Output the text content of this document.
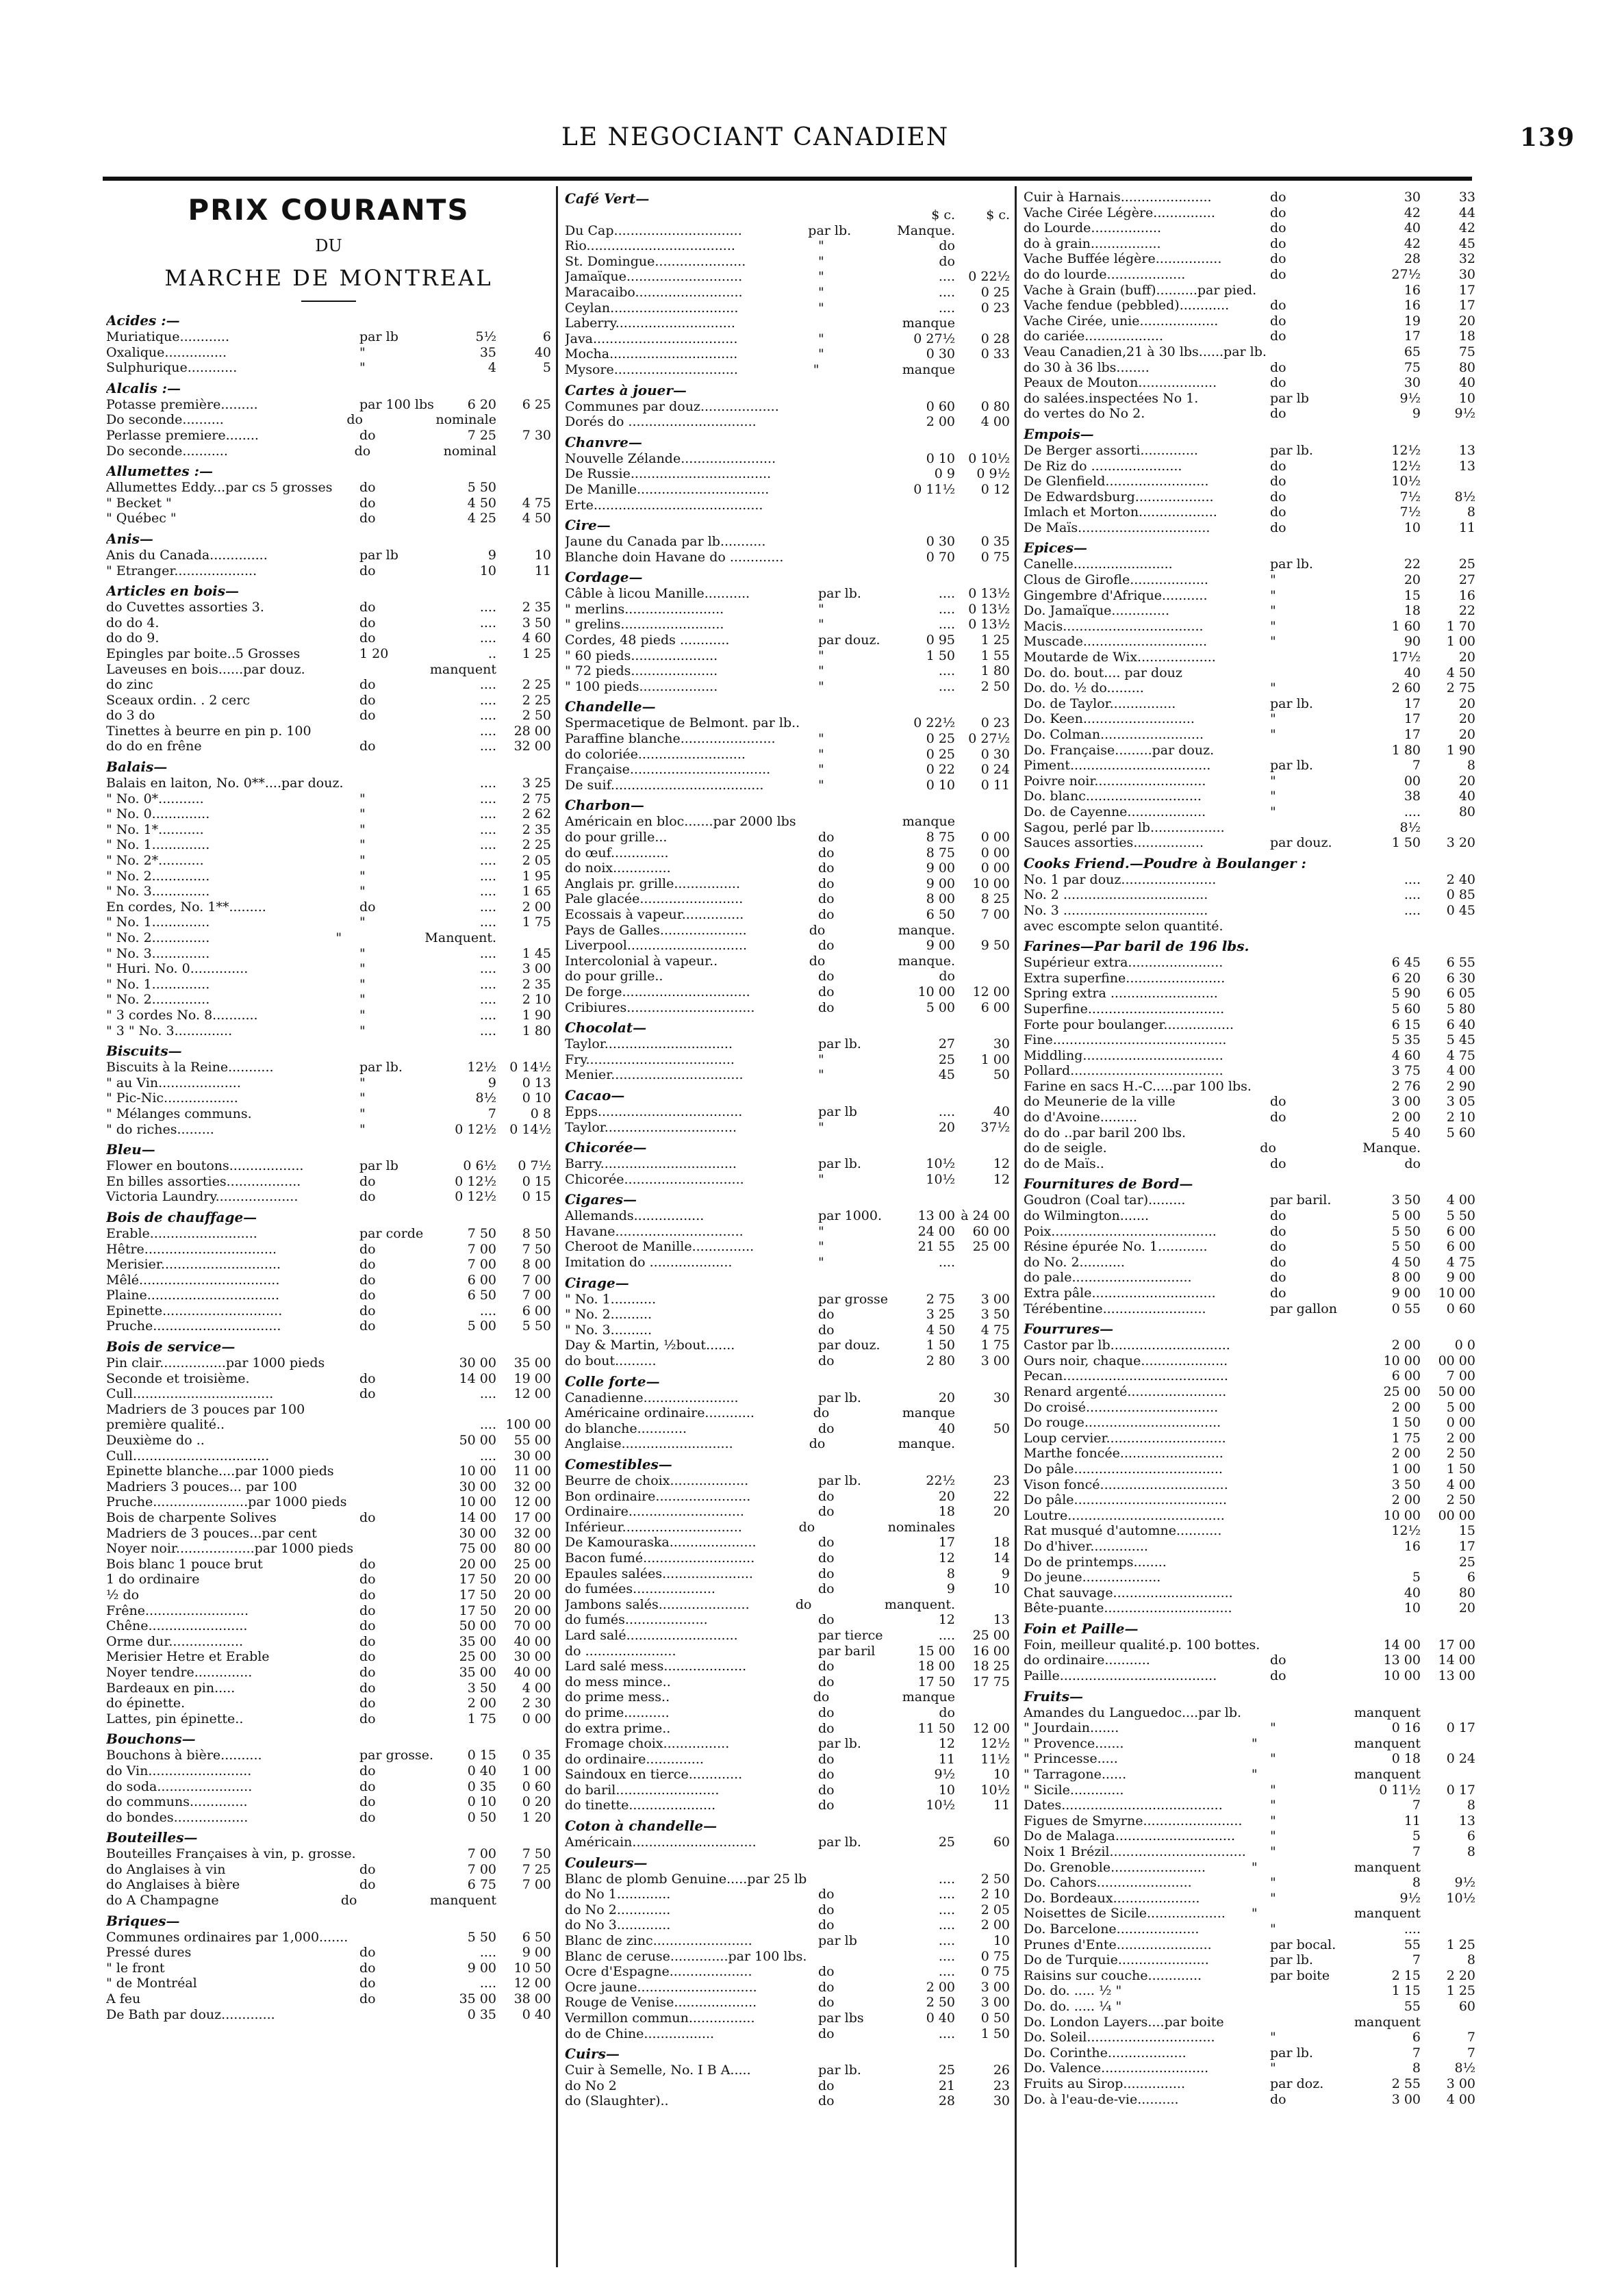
LE NEGOCIANT CANADIEN	139
PRIX COURANTS
DU
MARCHE DE MONTREAL
Acides :—
Muriatique............	par lb	5½	6
Oxalique...............	"	35	40
Sulphurique............	"	4	5
Alcalis :—
Potasse première.........	par 100 lbs	6 20	6 25
Do seconde..........	do	nominale
Perlasse premiere........	do	7 25	7 30
Do seconde...........	do	nominal
Allumettes :—
Allumettes Eddy...par cs 5 grosses	do	5 50
" Becket "	do	4 50	4 75
" Québec "	do	4 25	4 50
Anis—
Anis du Canada..............	par lb	9	10
" Etranger....................	do	10	11
Articles en bois—
do Cuvettes assorties 3.	do	....	2 35
do do 4.	do	....	3 50
do do 9.	do	....	4 60
Epingles par boite..5 Grosses	1 20	..	1 25
Laveuses en bois......par douz.	manquent
do zinc	do	....	2 25
Sceaux ordin. . 2 cerc	do	....	2 25
do 3 do	do	....	2 50
Tinettes à beurre en pin p. 100	....	28 00
do do en frêne	do	....	32 00
Balais—
Balais en laiton, No. 0**....par douz.	....	3 25
" No. 0*...........	"	....	2 75
" No. 0..............	"	....	2 62
" No. 1*...........	"	....	2 35
" No. 1..............	"	....	2 25
" No. 2*...........	"	....	2 05
" No. 2..............	"	....	1 95
" No. 3..............	"	....	1 65
En cordes, No. 1**.........	do	....	2 00
" No. 1..............	"	....	1 75
" No. 2..............	"	Manquent.
" No. 3..............	"	....	1 45
" Huri. No. 0..............	"	....	3 00
" No. 1..............	"	....	2 35
" No. 2..............	"	....	2 10
" 3 cordes No. 8...........	"	....	1 90
" 3 " No. 3..............	"	....	1 80
Biscuits—
Biscuits à la Reine...........	par lb.	12½	0 14½
" au Vin....................	"	9	0 13
" Pic-Nic..................	"	8½	0 10
" Mélanges communs.	"	7	0 8
" do riches.........	"	0 12½	0 14½
Bleu—
Flower en boutons..................	par lb	0 6½	0 7½
En billes assorties..................	do	0 12½	0 15
Victoria Laundry....................	do	0 12½	0 15
Bois de chauffage—
Erable..........................	par corde	7 50	8 50
Hêtre................................	do	7 00	7 50
Merisier.............................	do	7 00	8 00
Mêlé..................................	do	6 00	7 00
Plaine................................	do	6 50	7 00
Epinette.............................	do	....	6 00
Pruche...............................	do	5 00	5 50
Bois de service—
Pin clair................par 1000 pieds	30 00	35 00
Seconde et troisième.	do	14 00	19 00
Cull..................................	do	....	12 00
Madriers de 3 pouces par 100
première qualité..	.... 100 00
Deuxième do ..	50 00	55 00
Cull.................................	....	30 00
Epinette blanche....par 1000 pieds	10 00	11 00
Madriers 3 pouces... par 100	30 00	32 00
Pruche.......................par 1000 pieds	10 00	12 00
Bois de charpente Solives	do	14 00	17 00
Madriers de 3 pouces...par cent	30 00	32 00
Noyer noir...................par 1000 pieds	75 00	80 00
Bois blanc 1 pouce brut	do	20 00	25 00
1 do ordinaire	do	17 50	20 00
½ do	do	17 50	20 00
Frêne.........................	do	17 50	20 00
Chêne........................	do	50 00	70 00
Orme dur..................	do	35 00	40 00
Merisier Hetre et Erable	do	25 00	30 00
Noyer tendre..............	do	35 00	40 00
Bardeaux en pin.....	do	3 50	4 00
do épinette.	do	2 00	2 30
Lattes, pin épinette..	do	1 75	0 00
Bouchons—
Bouchons à bière..........	par grosse.	0 15	0 35
do Vin.........................	do	0 40	1 00
do soda.......................	do	0 35	0 60
do communs..............	do	0 10	0 20
do bondes..................	do	0 50	1 20
Bouteilles—
Bouteilles Françaises à vin, p. grosse.	7 00	7 50
do Anglaises à vin	do	7 00	7 25
do Anglaises à bière	do	6 75	7 00
do A Champagne	do	manquent
Briques—
Communes ordinaires par 1,000.......	5 50	6 50
Pressé dures	do	....	9 00
" le front	do	9 00	10 50
" de Montréal	do	....	12 00
A feu	do	35 00	38 00
De Bath par douz.............	0 35	0 40
Café Vert—
$ c.	$ c.
Du Cap...............................	par lb.	Manque.
Rio....................................	"	do
St. Domingue......................	"	do
Jamaïque............................	"	....	0 22½
Maracaibo..........................	"	....	0 25
Ceylan...............................	"	....	0 23
Laberry.............................	manque
Java...................................	"	0 27½	0 28
Mocha...............................	"	0 30	0 33
Mysore..............................	"	manque
Cartes à jouer—
Communes par douz...................	0 60	0 80
Dorés do ...............................	2 00	4 00
Chanvre—
Nouvelle Zélande.......................	0 10	0 10½
De Russie..................................	0 9	0 9½
De Manille................................	0 11½	0 12
Erte.........................................
Cire—
Jaune du Canada par lb...........	0 30	0 35
Blanche doin Havane do .............	0 70	0 75
Cordage—
Câble à licou Manille...........	par lb.	....	0 13½
" merlins........................	"	....	0 13½
" grelins.........................	"	....	0 13½
Cordes, 48 pieds ............	par douz.	0 95	1 25
" 60 pieds.....................	"	1 50	1 55
" 72 pieds.....................	"	....	1 80
" 100 pieds...................	"	....	2 50
Chandelle—
Spermacetique de Belmont. par lb..	0 22½	0 23
Paraffine blanche.......................	"	0 25	0 27½
do coloriée..........................	"	0 25	0 30
Française..................................	"	0 22	0 24
De suif.....................................	"	0 10	0 11
Charbon—
Américain en bloc.......par 2000 lbs	manque
do pour grille...	do	8 75	0 00
do œuf..............	do	8 75	0 00
do noix..............	do	9 00	0 00
Anglais pr. grille................	do	9 00	10 00
Pale glacée.........................	do	8 00	8 25
Ecossais à vapeur...............	do	6 50	7 00
Pays de Galles.....................	do	manque.
Liverpool.............................	do	9 00	9 50
Intercolonial à vapeur..	do	manque.
do pour grille..	do	do
De forge...............................	do	10 00	12 00
Cribiures...............................	do	5 00	6 00
Chocolat—
Taylor...............................	par lb.	27	30
Fry....................................	"	25	1 00
Menier................................	"	45	50
Cacao—
Epps...................................	par lb	....	40
Taylor................................	"	20	37½
Chicorée—
Barry.................................	par lb.	10½	12
Chicorée.............................	"	10½	12
Cigares—
Allemands.................	par 1000.	13 00 à 24 00
Havane...............................	"	24 00	60 00
Cheroot de Manille...............	"	21 55	25 00
Imitation do ....................	"	....
Cirage—
" No. 1...........	par grosse	2 75	3 00
" No. 2..........	do	3 25	3 50
" No. 3..........	do	4 50	4 75
Day & Martin, ½bout.......	par douz.	1 50	1 75
do bout..........	do	2 80	3 00
Colle forte—
Canadienne.......................	par lb.	20	30
Américaine ordinaire............	do	manque
do blanche............	do	40	50
Anglaise...........................	do	manque.
Comestibles—
Beurre de choix...................	par lb.	22½	23
Bon ordinaire.......................	do	20	22
Ordinaire............................	do	18	20
Inférieur.............................	do	nominales
De Kamouraska.....................	do	17	18
Bacon fumé...........................	do	12	14
Epaules salées......................	do	8	9
do fumées....................	do	9	10
Jambons salés......................	do	manquent.
do fumés....................	do	12	13
Lard salé...........................	par tierce	....	25 00
do ......................	par baril	15 00	16 00
Lard salé mess....................	do	18 00	18 25
do mess mince..	do	17 50	17 75
do prime mess..	do	manque
do prime...........	do	do
do extra prime..	do	11 50	12 00
Fromage choix................	par lb.	12	12½
do ordinaire..............	do	11	11½
Saindoux en tierce.............	do	9½	10
do baril.........................	do	10	10½
do tinette.....................	do	10½	11
Coton à chandelle—
Américain..............................	par lb.	25	60
Couleurs—
Blanc de plomb Genuine.....par 25 lb	....	2 50
do No 1.............	do	....	2 10
do No 2.............	do	....	2 05
do No 3.............	do	....	2 00
Blanc de zinc........................	par lb	....	10
Blanc de ceruse..............par 100 lbs.	....	0 75
Ocre d'Espagne....................	do	....	0 75
Ocre jaune.............................	do	2 00	3 00
Rouge de Venise....................	do	2 50	3 00
Vermillon commun................	par lbs	0 40	0 50
do de Chine.................	do	....	1 50
Cuirs—
Cuir à Semelle, No. I B A.....	par lb.	25	26
do No 2	do	21	23
do (Slaughter)..	do	28	30
Cuir à Harnais......................	do	30	33
Vache Cirée Légère...............	do	42	44
do Lourde.................	do	40	42
do à grain.................	do	42	45
Vache Buffée légère................	do	28	32
do do lourde...................	do	27½	30
Vache à Grain (buff)..........par pied.	16	17
Vache fendue (pebbled)............	do	16	17
Vache Cirée, unie...................	do	19	20
do cariée...................	do	17	18
Veau Canadien,21 à 30 lbs......par lb.	65	75
do 30 à 36 lbs........	do	75	80
Peaux de Mouton...................	do	30	40
do salées.inspectées No 1.	par lb	9½	10
do vertes do No 2.	do	9	9½
Empois—
De Berger assorti..............	par lb.	12½	13
De Riz do ......................	do	12½	13
De Glenfield.........................	do	10½
De Edwardsburg...................	do	7½	8½
Imlach et Morton...................	do	7½	8
De Maïs................................	do	10	11
Epices—
Canelle........................	par lb.	22	25
Clous de Girofle...................	"	20	27
Gingembre d'Afrique...........	"	15	16
Do. Jamaïque..............	"	18	22
Macis..................................	"	1 60	1 70
Muscade..............................	"	90	1 00
Moutarde de Wix...................	17½	20
Do. do. bout.... par douz	40	4 50
Do. do. ½ do.........	"	2 60	2 75
Do. de Taylor................	par lb.	17	20
Do. Keen...........................	"	17	20
Do. Colman.........................	"	17	20
Do. Française.........par douz.	1 80	1 90
Piment..................................	par lb.	7	8
Poivre noir...........................	"	00	20
Do. blanc............................	"	38	40
Do. de Cayenne...................	"	....	80
Sagou, perlé par lb..................	8½
Sauces assorties.................	par douz.	1 50	3 20
Cooks Friend.—Poudre à Boulanger :
No. 1 par douz.......................	....	2 40
No. 2 ...................................	....	0 85
No. 3 ...................................	....	0 45
avec escompte selon quantité.
Farines—Par baril de 196 lbs.
Supérieur extra.......................	6 45	6 55
Extra superfine........................	6 20	6 30
Spring extra ..........................	5 90	6 05
Superfine.................................	5 60	5 80
Forte pour boulanger.................	6 15	6 40
Fine..........................................	5 35	5 45
Middling..................................	4 60	4 75
Pollard.....................................	3 75	4 00
Farine en sacs H.-C.....par 100 lbs.	2 76	2 90
do Meunerie de la ville	do	3 00	3 05
do d'Avoine.........	do	2 00	2 10
do do ..par baril 200 lbs.	5 40	5 60
do de seigle.	do	Manque.
do de Maïs..	do	do
Fournitures de Bord—
Goudron (Coal tar).........	par baril.	3 50	4 00
do Wilmington.......	do	5 00	5 50
Poix........................................	do	5 50	6 00
Résine épurée No. 1............	do	5 50	6 00
do No. 2...........	do	4 50	4 75
do pale.............................	do	8 00	9 00
Extra pâle..............................	do	9 00	10 00
Térébentine.........................	par gallon	0 55	0 60
Fourrures—
Castor par lb.............................	2 00	0 0
Ours noir, chaque.....................	10 00	00 00
Pecan........................................	6 00	7 00
Renard argenté........................	25 00	50 00
Do croisé................................	2 00	5 00
Do rouge.................................	1 50	0 00
Loup cervier.............................	1 75	2 00
Marthe foncée.........................	2 00	2 50
Do pâle....................................	1 00	1 50
Vison foncé...............................	3 50	4 00
Do pâle.....................................	2 00	2 50
Loutre......................................	10 00	00 00
Rat musqué d'automne...........	12½	15
Do d'hiver..............	16	17
Do de printemps........	25
Do jeune...................	5	6
Chat sauvage.............................	40	80
Bête-puante...............................	10	20
Foin et Paille—
Foin, meilleur qualité.p. 100 bottes.	14 00	17 00
do ordinaire...........	do	13 00	14 00
Paille......................................	do	10 00	13 00
Fruits—
Amandes du Languedoc....par lb.	manquent
" Jourdain.......	"	0 16	0 17
" Provence.......	"	manquent
" Princesse.....	"	0 18	0 24
" Tarragone......	"	manquent
" Sicile.............	"	0 11½	0 17
Dates.......................................	"	7	8
Figues de Smyrne........................	"	11	13
Do de Malaga.............................	"	5	6
Noix 1 Brézil.................................	"	7	8
Do. Grenoble.......................	"	manquent
Do. Cahors.......................	"	8	9½
Do. Bordeaux.....................	"	9½	10½
Noisettes de Sicile...................	"	manquent
Do. Barcelone....................	"	....
Prunes d'Ente.......................	par bocal.	55	1 25
Do de Turquie......................	par lb.	7	8
Raisins sur couche.............	par boite	2 15	2 20
Do. do. ..... ½ "	1 15	1 25
Do. do. ..... ¼ "	55	60
Do. London Layers....par boite	manquent
Do. Soleil...............................	"	6	7
Do. Corinthe...................	par lb.	7	7
Do. Valence..........................	"	8	8½
Fruits au Sirop...............	par doz.	2 55	3 00
Do. à l'eau-de-vie..........	do	3 00	4 00
